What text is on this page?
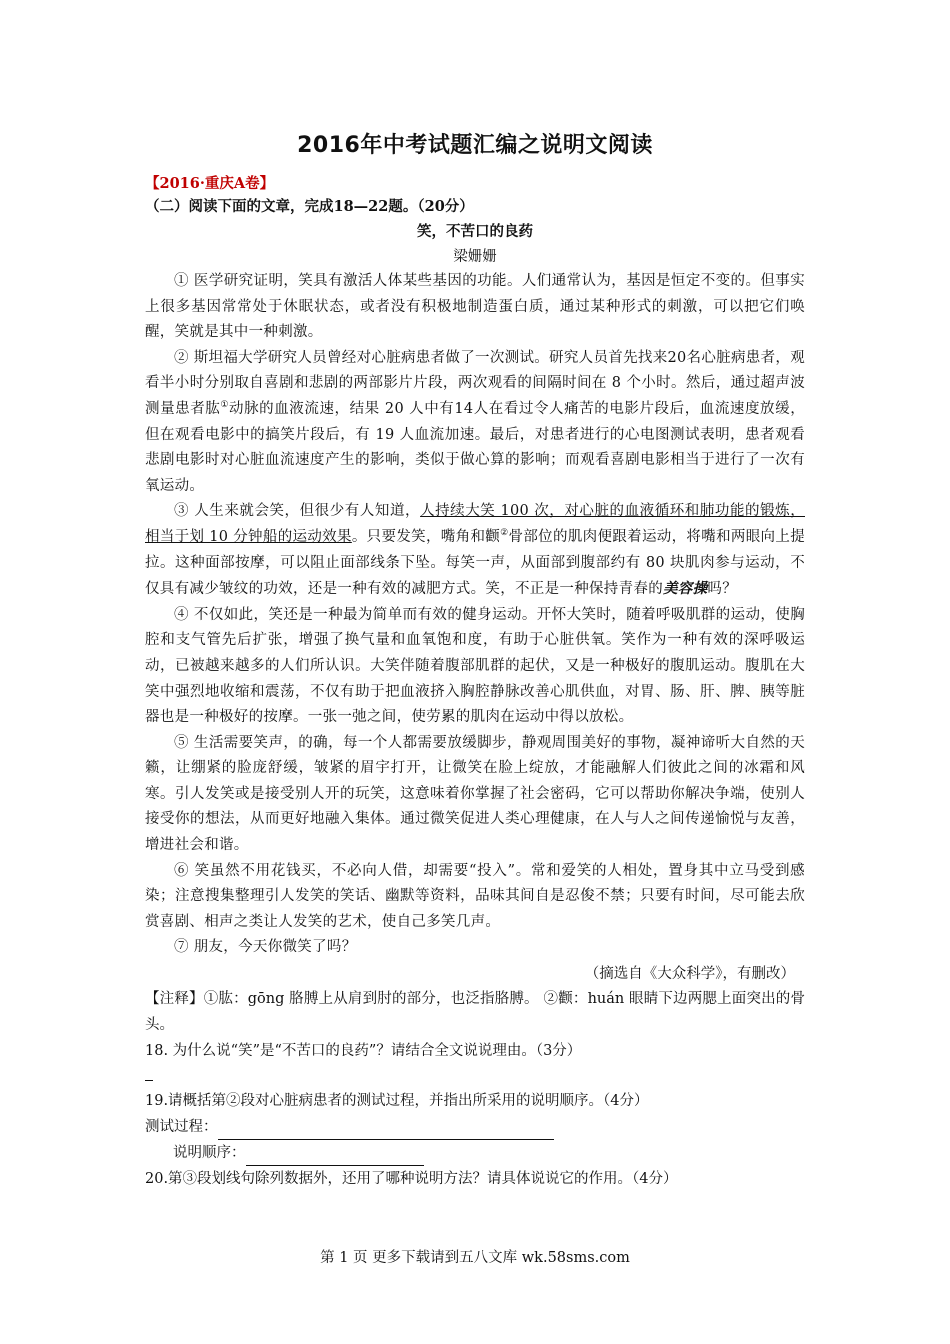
2016年中考试题汇编之说明文阅读
【2016·重庆A卷】
（二）阅读下面的文章，完成18—22题。（20分）
笑，不苦口的良药
梁姗姗

① 医学研究证明，笑具有激活人体某些基因的功能。人们通常认为，基因是恒定不变的。但事实上很多基因常常处于休眠状态，或者没有积极地制造蛋白质，通过某种形式的刺激，可以把它们唤醒，笑就是其中一种刺激。

② 斯坦福大学研究人员曾经对心脏病患者做了一次测试。研究人员首先找来20名心脏病患者，观看半小时分别取自喜剧和悲剧的两部影片片段，两次观看的间隔时间在 8 个小时。然后，通过超声波测量患者肱①动脉的血液流速，结果 20 人中有14人在看过令人痛苦的电影片段后，血流速度放缓，但在观看电影中的搞笑片段后，有 19 人血流加速。最后，对患者进行的心电图测试表明，患者观看悲剧电影时对心脏血流速度产生的影响，类似于做心算的影响；而观看喜剧电影相当于进行了一次有氧运动。

③ 人生来就会笑，但很少有人知道，人持续大笑 100 次，对心脏的血液循环和肺功能的锻炼，相当于划 10 分钟船的运动效果。只要发笑，嘴角和颧②骨部位的肌肉便跟着运动，将嘴和两眼向上提拉。这种面部按摩，可以阻止面部线条下坠。每笑一声，从面部到腹部约有 80 块肌肉参与运动，不仅具有减少皱纹的功效，还是一种有效的减肥方式。笑，不正是一种保持青春的美容操吗？

④ 不仅如此，笑还是一种最为简单而有效的健身运动。开怀大笑时，随着呼吸肌群的运动，使胸腔和支气管先后扩张，增强了换气量和血氧饱和度，有助于心脏供氧。笑作为一种有效的深呼吸运动，已被越来越多的人们所认识。大笑伴随着腹部肌群的起伏，又是一种极好的腹肌运动。腹肌在大笑中强烈地收缩和震荡，不仅有助于把血液挤入胸腔静脉改善心肌供血，对胃、肠、肝、脾、胰等脏器也是一种极好的按摩。一张一弛之间，使劳累的肌肉在运动中得以放松。

⑤ 生活需要笑声，的确，每一个人都需要放缓脚步，静观周围美好的事物，凝神谛听大自然的天籁，让绷紧的脸庞舒缓，皱紧的眉宇打开，让微笑在脸上绽放，才能融解人们彼此之间的冰霜和风寒。引人发笑或是接受别人开的玩笑，这意味着你掌握了社会密码，它可以帮助你解决争端，使别人接受你的想法，从而更好地融入集体。通过微笑促进人类心理健康，在人与人之间传递愉悦与友善，增进社会和谐。

⑥ 笑虽然不用花钱买，不必向人借，却需要“投入”。常和爱笑的人相处，置身其中立马受到感染；注意搜集整理引人发笑的笑话、幽默等资料，品味其间自是忍俊不禁；只要有时间，尽可能去欣赏喜剧、相声之类让人发笑的艺术，使自己多笑几声。

⑦ 朋友，今天你微笑了吗？

（摘选自《大众科学》，有删改）

【注释】①肱：gōng 胳膊上从肩到肘的部分，也泛指胳膊。 ②颧：huán 眼睛下边两腮上面突出的骨头。

18. 为什么说“笑”是“不苦口的良药”？请结合全文说说理由。（3分）

19.请概括第②段对心脏病患者的测试过程，并指出所采用的说明顺序。（4分）

测试过程：

说明顺序：

20.第③段划线句除列数据外，还用了哪种说明方法？请具体说说它的作用。（4分）

第 1 页 更多下载请到五八文库 wk.58sms.com
